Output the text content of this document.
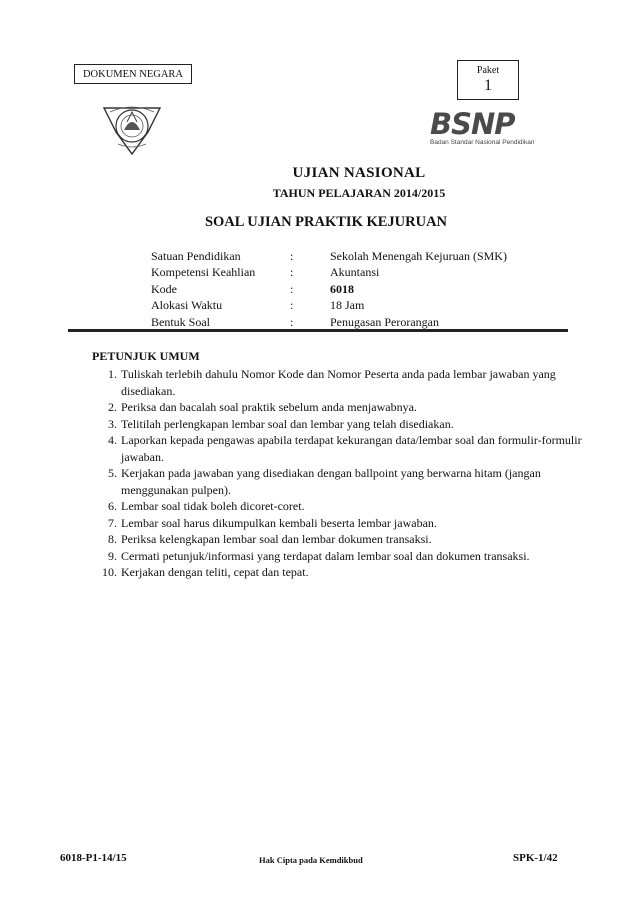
DOKUMEN NEGARA	Paket
1
BSNP
Badan Standar Nasional Pendidikan
UJIAN NASIONAL
TAHUN PELAJARAN 2014/2015
SOAL UJIAN PRAKTIK KEJURUAN
Satuan Pendidikan	:	Sekolah Menengah Kejuruan (SMK)
Kompetensi Keahlian	:	Akuntansi
Kode	:	6018
Alokasi Waktu	:	18 Jam
Bentuk Soal	:	Penugasan Perorangan
PETUNJUK UMUM
1. Tuliskah terlebih dahulu Nomor Kode dan Nomor Peserta anda pada lembar jawaban yang disediakan.
2. Periksa dan bacalah soal praktik sebelum anda menjawabnya.
3. Telitilah perlengkapan lembar soal dan lembar yang telah disediakan.
4. Laporkan kepada pengawas apabila terdapat kekurangan data/lembar soal dan formulir-formulir jawaban.
5. Kerjakan pada jawaban yang disediakan dengan ballpoint yang berwarna hitam (jangan menggunakan pulpen).
6. Lembar soal tidak boleh dicoret-coret.
7. Lembar soal harus dikumpulkan kembali beserta lembar jawaban.
8. Periksa kelengkapan lembar soal dan lembar dokumen transaksi.
9. Cermati petunjuk/informasi yang terdapat dalam lembar soal dan dokumen transaksi.
10. Kerjakan dengan teliti, cepat dan tepat.
6018-P1-14/15	Hak Cipta pada Kemdikbud	SPK-1/42
